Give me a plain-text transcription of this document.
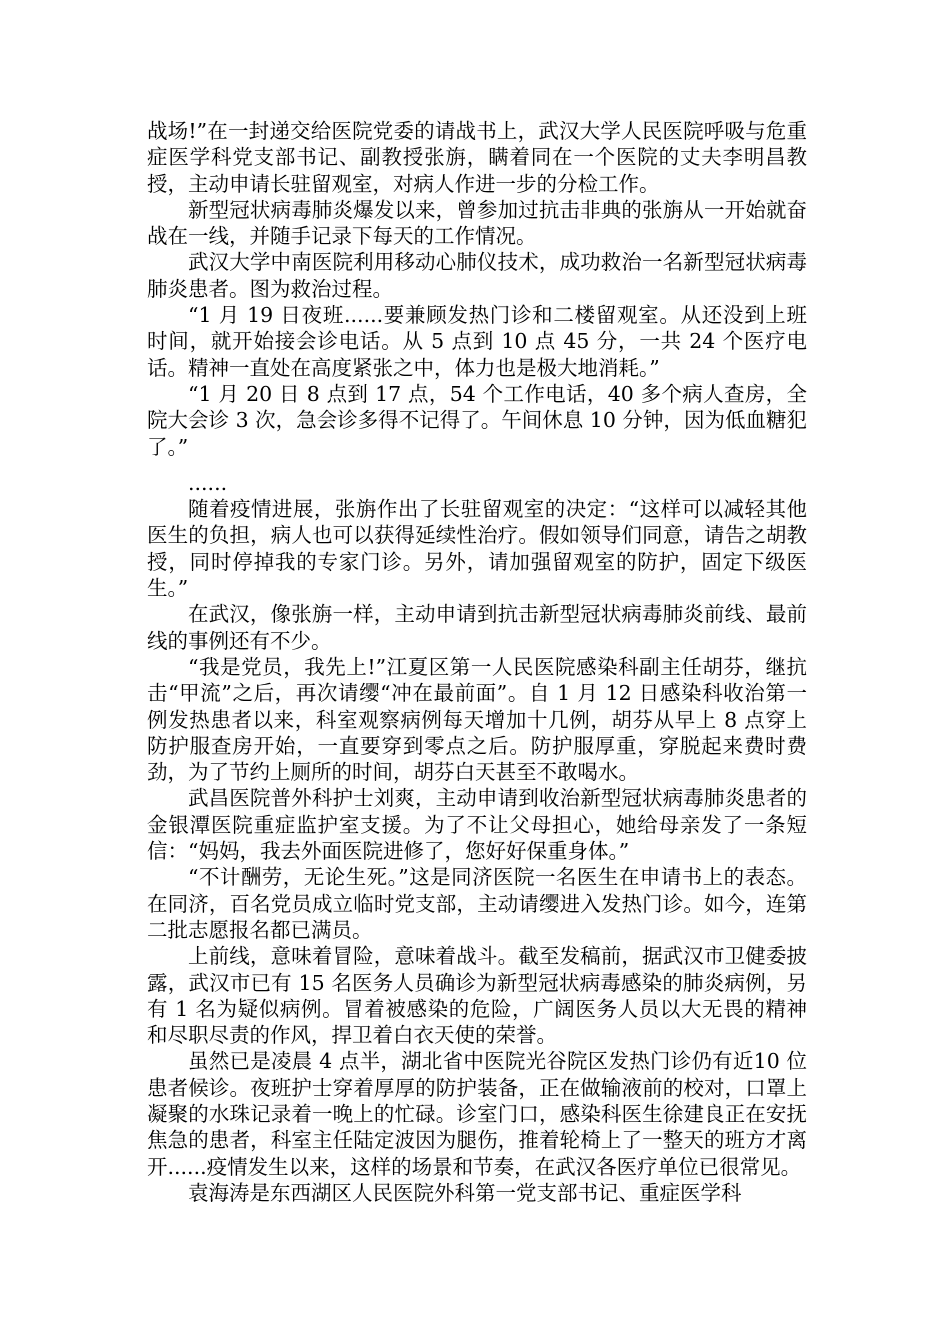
战场!”在一封递交给医院党委的请战书上，武汉大学人民医院呼吸与危重症医学科党支部书记、副教授张旃，瞒着同在一个医院的丈夫李明昌教授，主动申请长驻留观室，对病人作进一步的分检工作。

新型冠状病毒肺炎爆发以来，曾参加过抗击非典的张旃从一开始就奋战在一线，并随手记录下每天的工作情况。

武汉大学中南医院利用移动心肺仪技术，成功救治一名新型冠状病毒肺炎患者。图为救治过程。

“1 月 19 日夜班......要兼顾发热门诊和二楼留观室。从还没到上班时间，就开始接会诊电话。从 5 点到 10 点 45 分，一共 24 个医疗电话。精神一直处在高度紧张之中，体力也是极大地消耗。”

“1 月 20 日 8 点到 17 点，54 个工作电话，40 多个病人查房，全院大会诊 3 次，急会诊多得不记得了。午间休息 10 分钟，因为低血糖犯了。”

......

随着疫情进展，张旃作出了长驻留观室的决定：“这样可以减轻其他医生的负担，病人也可以获得延续性治疗。假如领导们同意，请告之胡教授，同时停掉我的专家门诊。另外，请加强留观室的防护，固定下级医生。”

在武汉，像张旃一样，主动申请到抗击新型冠状病毒肺炎前线、最前线的事例还有不少。

“我是党员，我先上!”江夏区第一人民医院感染科副主任胡芬，继抗击“甲流”之后，再次请缨“冲在最前面”。自 1 月 12 日感染科收治第一例发热患者以来，科室观察病例每天增加十几例，胡芬从早上 8 点穿上防护服查房开始，一直要穿到零点之后。防护服厚重，穿脱起来费时费劲，为了节约上厕所的时间，胡芬白天甚至不敢喝水。

武昌医院普外科护士刘爽，主动申请到收治新型冠状病毒肺炎患者的金银潭医院重症监护室支援。为了不让父母担心，她给母亲发了一条短信：“妈妈，我去外面医院进修了，您好好保重身体。”

“不计酬劳，无论生死。”这是同济医院一名医生在申请书上的表态。在同济，百名党员成立临时党支部，主动请缨进入发热门诊。如今，连第二批志愿报名都已满员。

上前线，意味着冒险，意味着战斗。截至发稿前，据武汉市卫健委披露，武汉市已有 15 名医务人员确诊为新型冠状病毒感染的肺炎病例，另有 1 名为疑似病例。冒着被感染的危险，广阔医务人员以大无畏的精神和尽职尽责的作风，捍卫着白衣天使的荣誉。

虽然已是凌晨 4 点半，湖北省中医院光谷院区发热门诊仍有近10 位患者候诊。夜班护士穿着厚厚的防护装备，正在做输液前的校对，口罩上凝聚的水珠记录着一晚上的忙碌。诊室门口，感染科医生徐建良正在安抚焦急的患者，科室主任陆定波因为腿伤，推着轮椅上了一整天的班方才离开......疫情发生以来，这样的场景和节奏，在武汉各医疗单位已很常见。

袁海涛是东西湖区人民医院外科第一党支部书记、重症医学科
